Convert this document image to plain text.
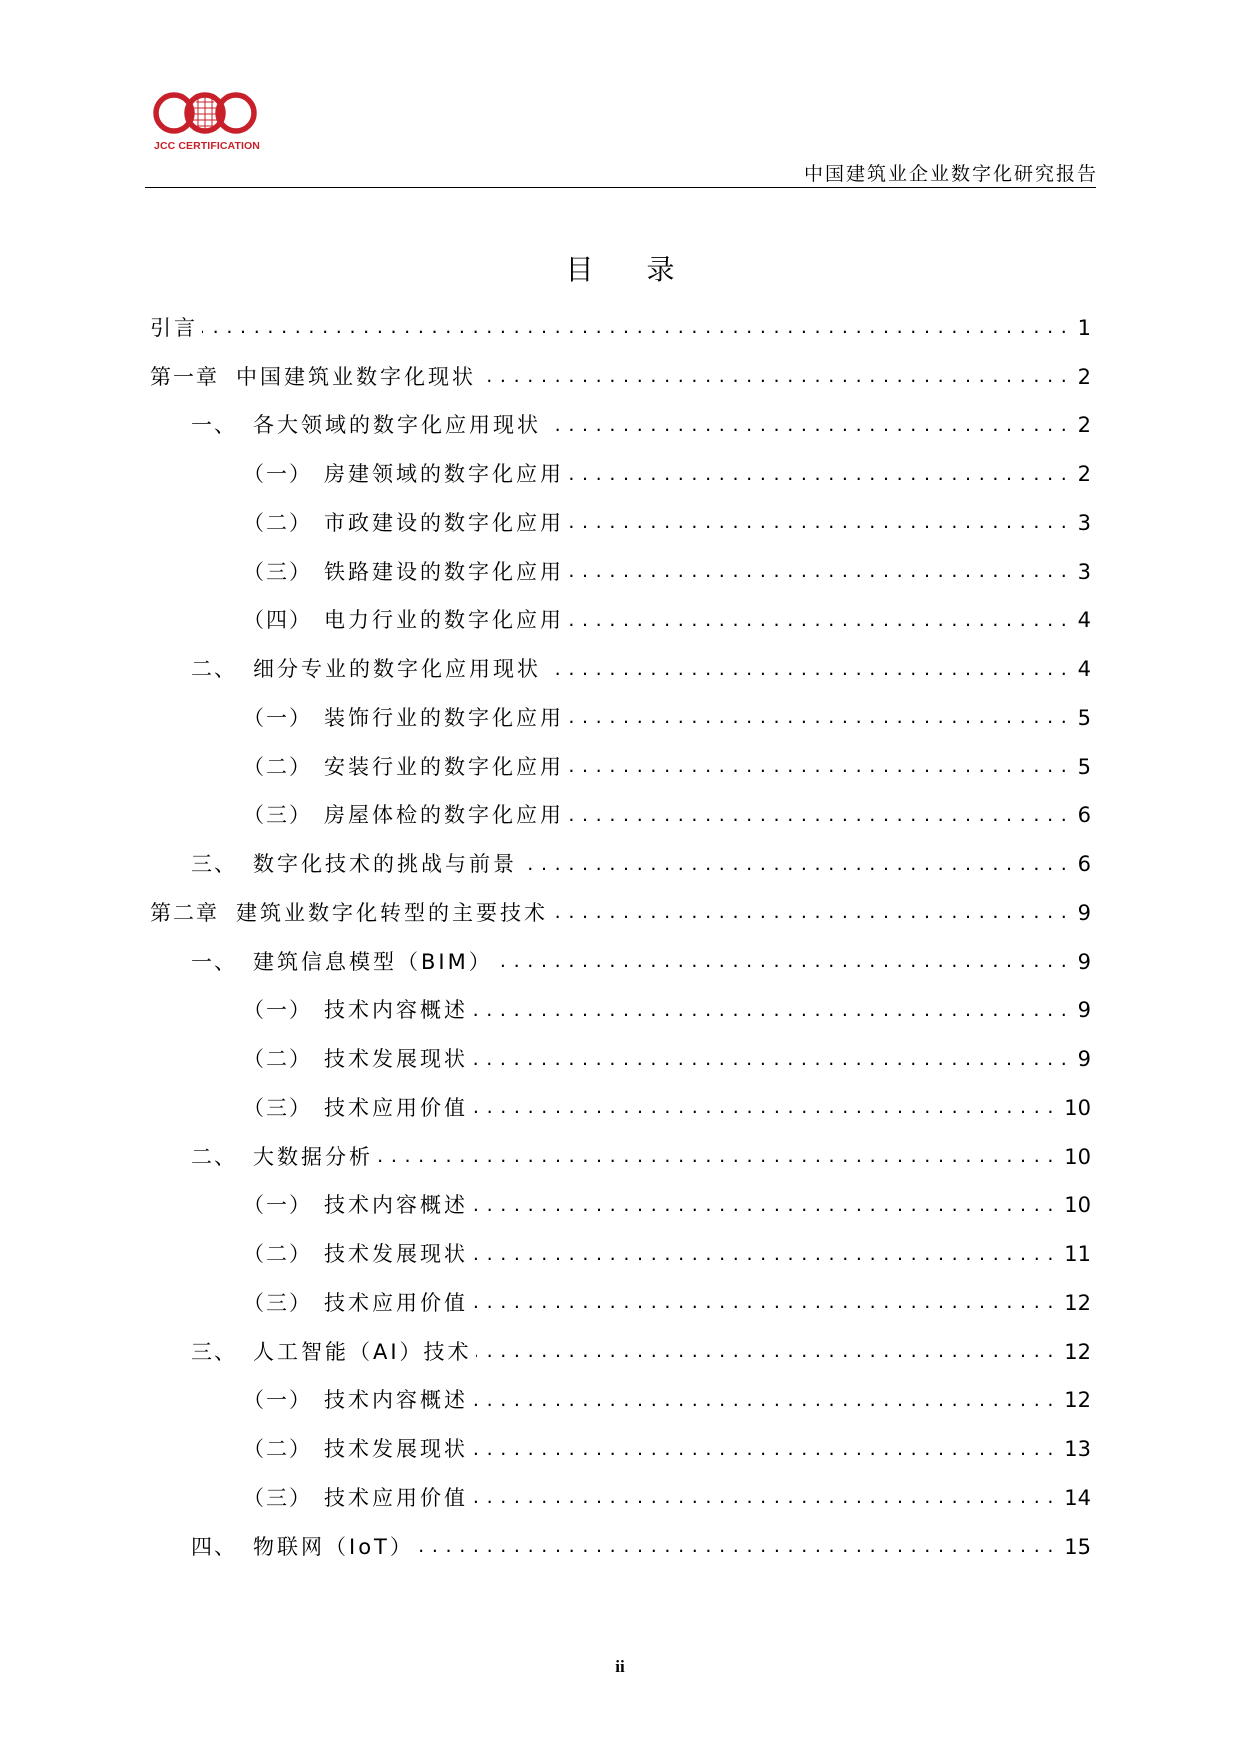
JCC CERTIFICATION
中国建筑业企业数字化研究报告
目 录
引言 . . .	1
第一章 中国建筑业数字化现状 . . .	2
一、 各大领域的数字化应用现状 . . .	2
（一） 房建领域的数字化应用 . . .	2
（二） 市政建设的数字化应用 . . .	3
（三） 铁路建设的数字化应用 . . .	3
（四） 电力行业的数字化应用 . . .	4
二、 细分专业的数字化应用现状 . . .	4
（一） 装饰行业的数字化应用 . . .	5
（二） 安装行业的数字化应用 . . .	5
（三） 房屋体检的数字化应用 . . .	6
三、 数字化技术的挑战与前景 . . .	6
第二章 建筑业数字化转型的主要技术 . . .	9
一、 建筑信息模型（BIM） . . .	9
（一） 技术内容概述 . . .	9
（二） 技术发展现状 . . .	9
（三） 技术应用价值 . . .	10
二、 大数据分析 . . .	10
（一） 技术内容概述 . . .	10
（二） 技术发展现状 . . .	11
（三） 技术应用价值 . . .	12
三、 人工智能（AI）技术 . . .	12
（一） 技术内容概述 . . .	12
（二） 技术发展现状 . . .	13
（三） 技术应用价值 . . .	14
四、 物联网（IoT） . . .	15
ii
